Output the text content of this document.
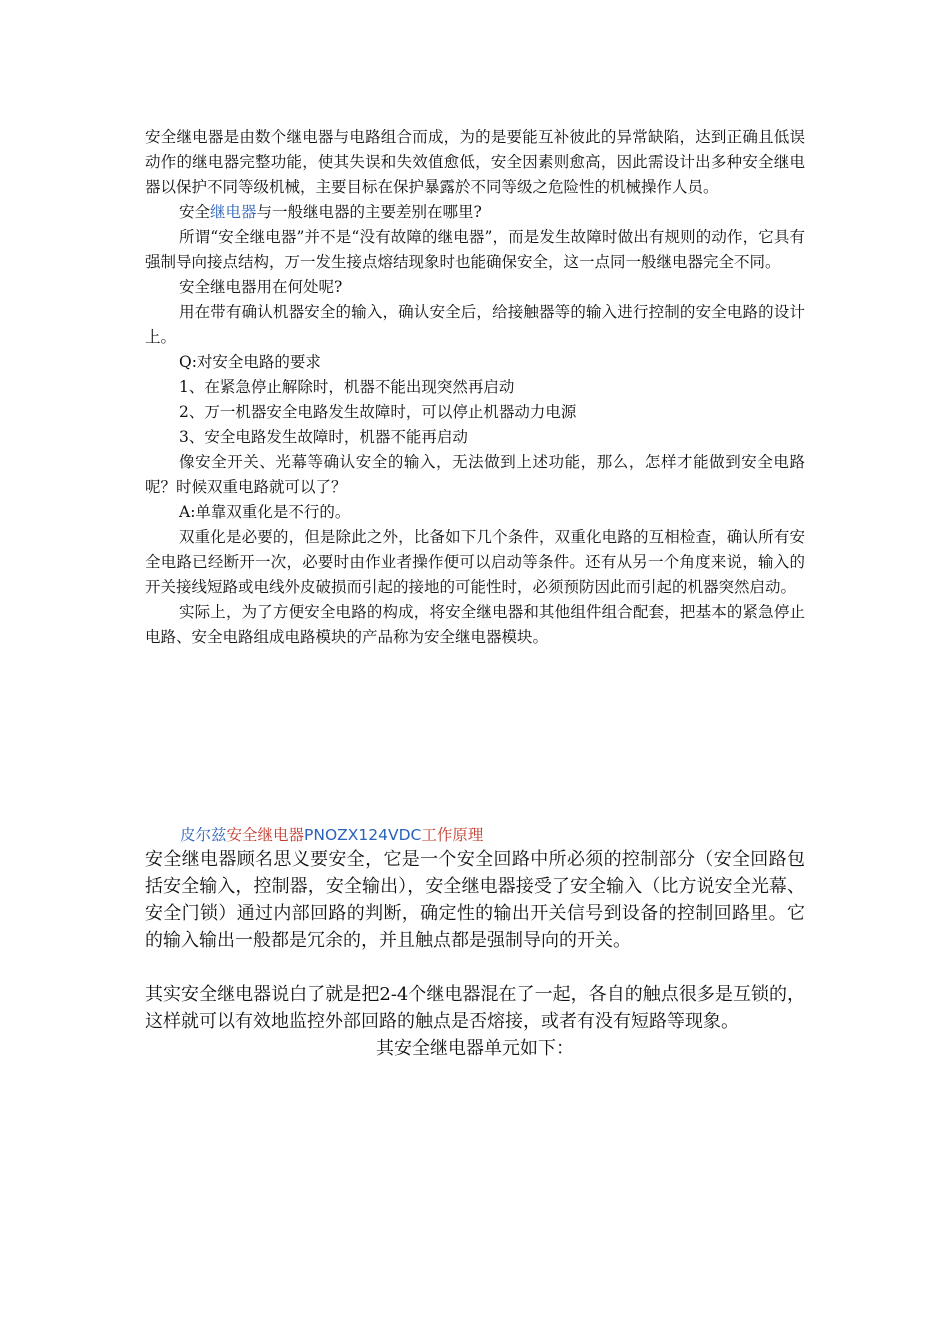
安全继电器是由数个继电器与电路组合而成，为的是要能互补彼此的异常缺陷，达到正确且低误动作的继电器完整功能，使其失误和失效值愈低，安全因素则愈高，因此需设计出多种安全继电器以保护不同等级机械，主要目标在保护暴露於不同等级之危险性的机械操作人员。

安全继电器与一般继电器的主要差别在哪里?

所谓“安全继电器”并不是“没有故障的继电器”，而是发生故障时做出有规则的动作，它具有强制导向接点结构，万一发生接点熔结现象时也能确保安全，这一点同一般继电器完全不同。

安全继电器用在何处呢?

用在带有确认机器安全的输入，确认安全后，给接触器等的输入进行控制的安全电路的设计上。

Q:对安全电路的要求

1、在紧急停止解除时，机器不能出现突然再启动

2、万一机器安全电路发生故障时，可以停止机器动力电源

3、安全电路发生故障时，机器不能再启动

像安全开关、光幕等确认安全的输入，无法做到上述功能，那么，怎样才能做到安全电路呢？时候双重电路就可以了？

A:单靠双重化是不行的。

双重化是必要的，但是除此之外，比备如下几个条件，双重化电路的互相检查，确认所有安全电路已经断开一次，必要时由作业者操作便可以启动等条件。还有从另一个角度来说，输入的开关接线短路或电线外皮破损而引起的接地的可能性时，必须预防因此而引起的机器突然启动。

实际上，为了方便安全电路的构成，将安全继电器和其他组件组合配套，把基本的紧急停止电路、安全电路组成电路模块的产品称为安全继电器模块。

皮尔兹安全继电器PNOZX124VDC工作原理

安全继电器顾名思义要安全，它是一个安全回路中所必须的控制部分（安全回路包括安全输入，控制器，安全输出），安全继电器接受了安全输入（比方说安全光幕、安全门锁）通过内部回路的判断，确定性的输出开关信号到设备的控制回路里。它的输入输出一般都是冗余的，并且触点都是强制导向的开关。

其实安全继电器说白了就是把2-4个继电器混在了一起，各自的触点很多是互锁的，这样就可以有效地监控外部回路的触点是否熔接，或者有没有短路等现象。

其安全继电器单元如下：
